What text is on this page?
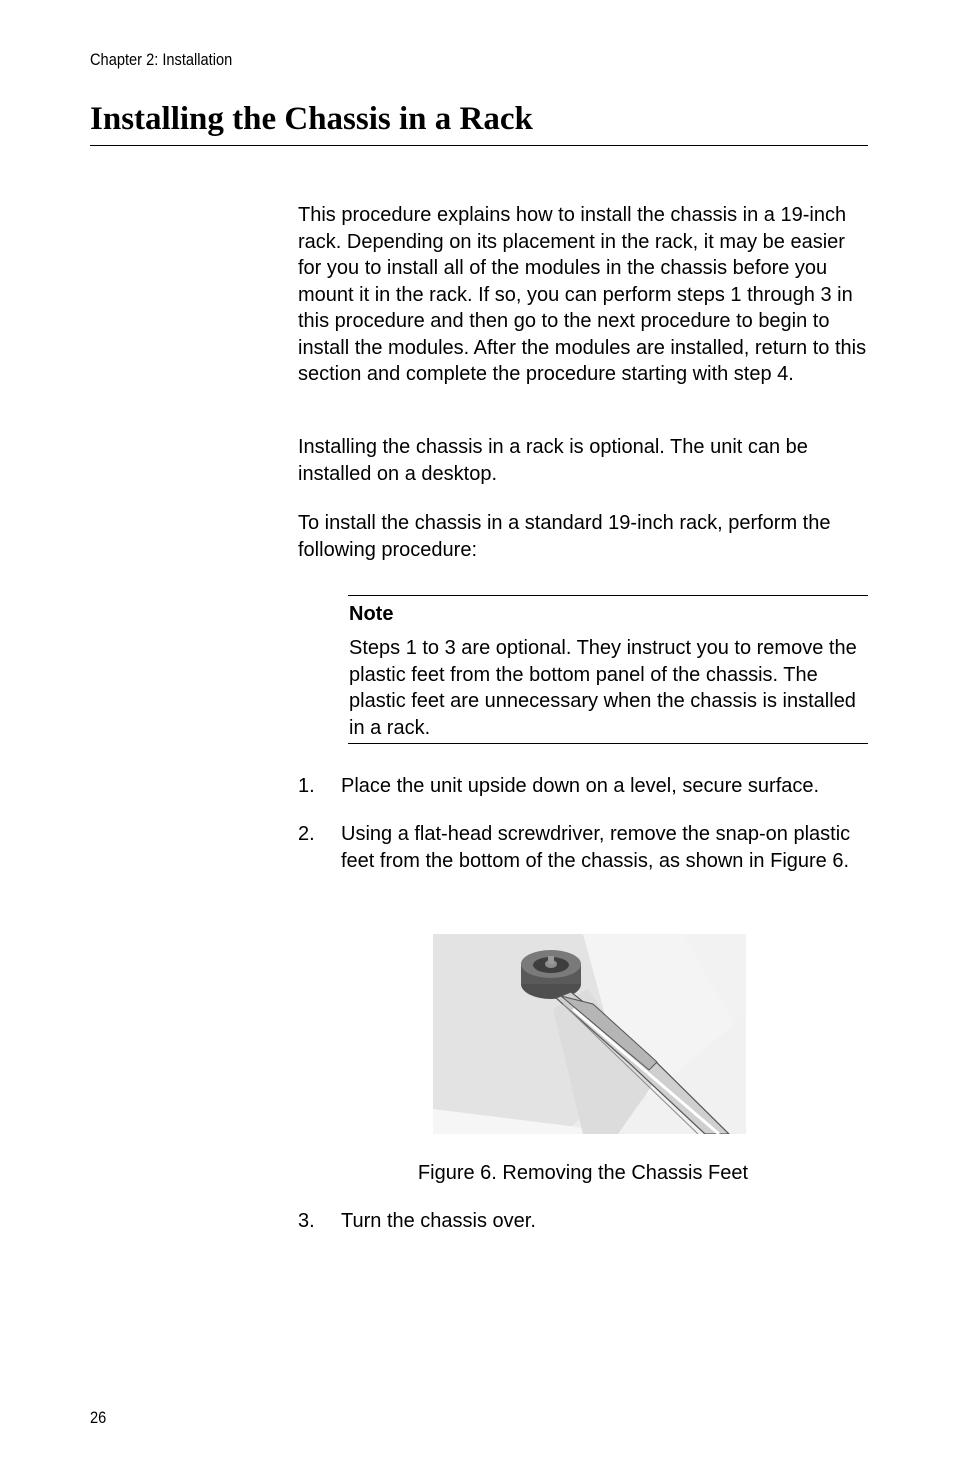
Chapter 2: Installation
Installing the Chassis in a Rack

This procedure explains how to install the chassis in a 19-inch rack. Depending on its placement in the rack, it may be easier for you to install all of the modules in the chassis before you mount it in the rack. If so, you can perform steps 1 through 3 in this procedure and then go to the next procedure to begin to install the modules. After the modules are installed, return to this section and complete the procedure starting with step 4.

Installing the chassis in a rack is optional. The unit can be installed on a desktop.

To install the chassis in a standard 19-inch rack, perform the following procedure:

Note

Steps 1 to 3 are optional. They instruct you to remove the plastic feet from the bottom panel of the chassis. The plastic feet are unnecessary when the chassis is installed in a rack.

1. Place the unit upside down on a level, secure surface.

2. Using a flat-head screwdriver, remove the snap-on plastic feet from the bottom of the chassis, as shown in Figure 6.

Figure 6. Removing the Chassis Feet
3. Turn the chassis over.

26
